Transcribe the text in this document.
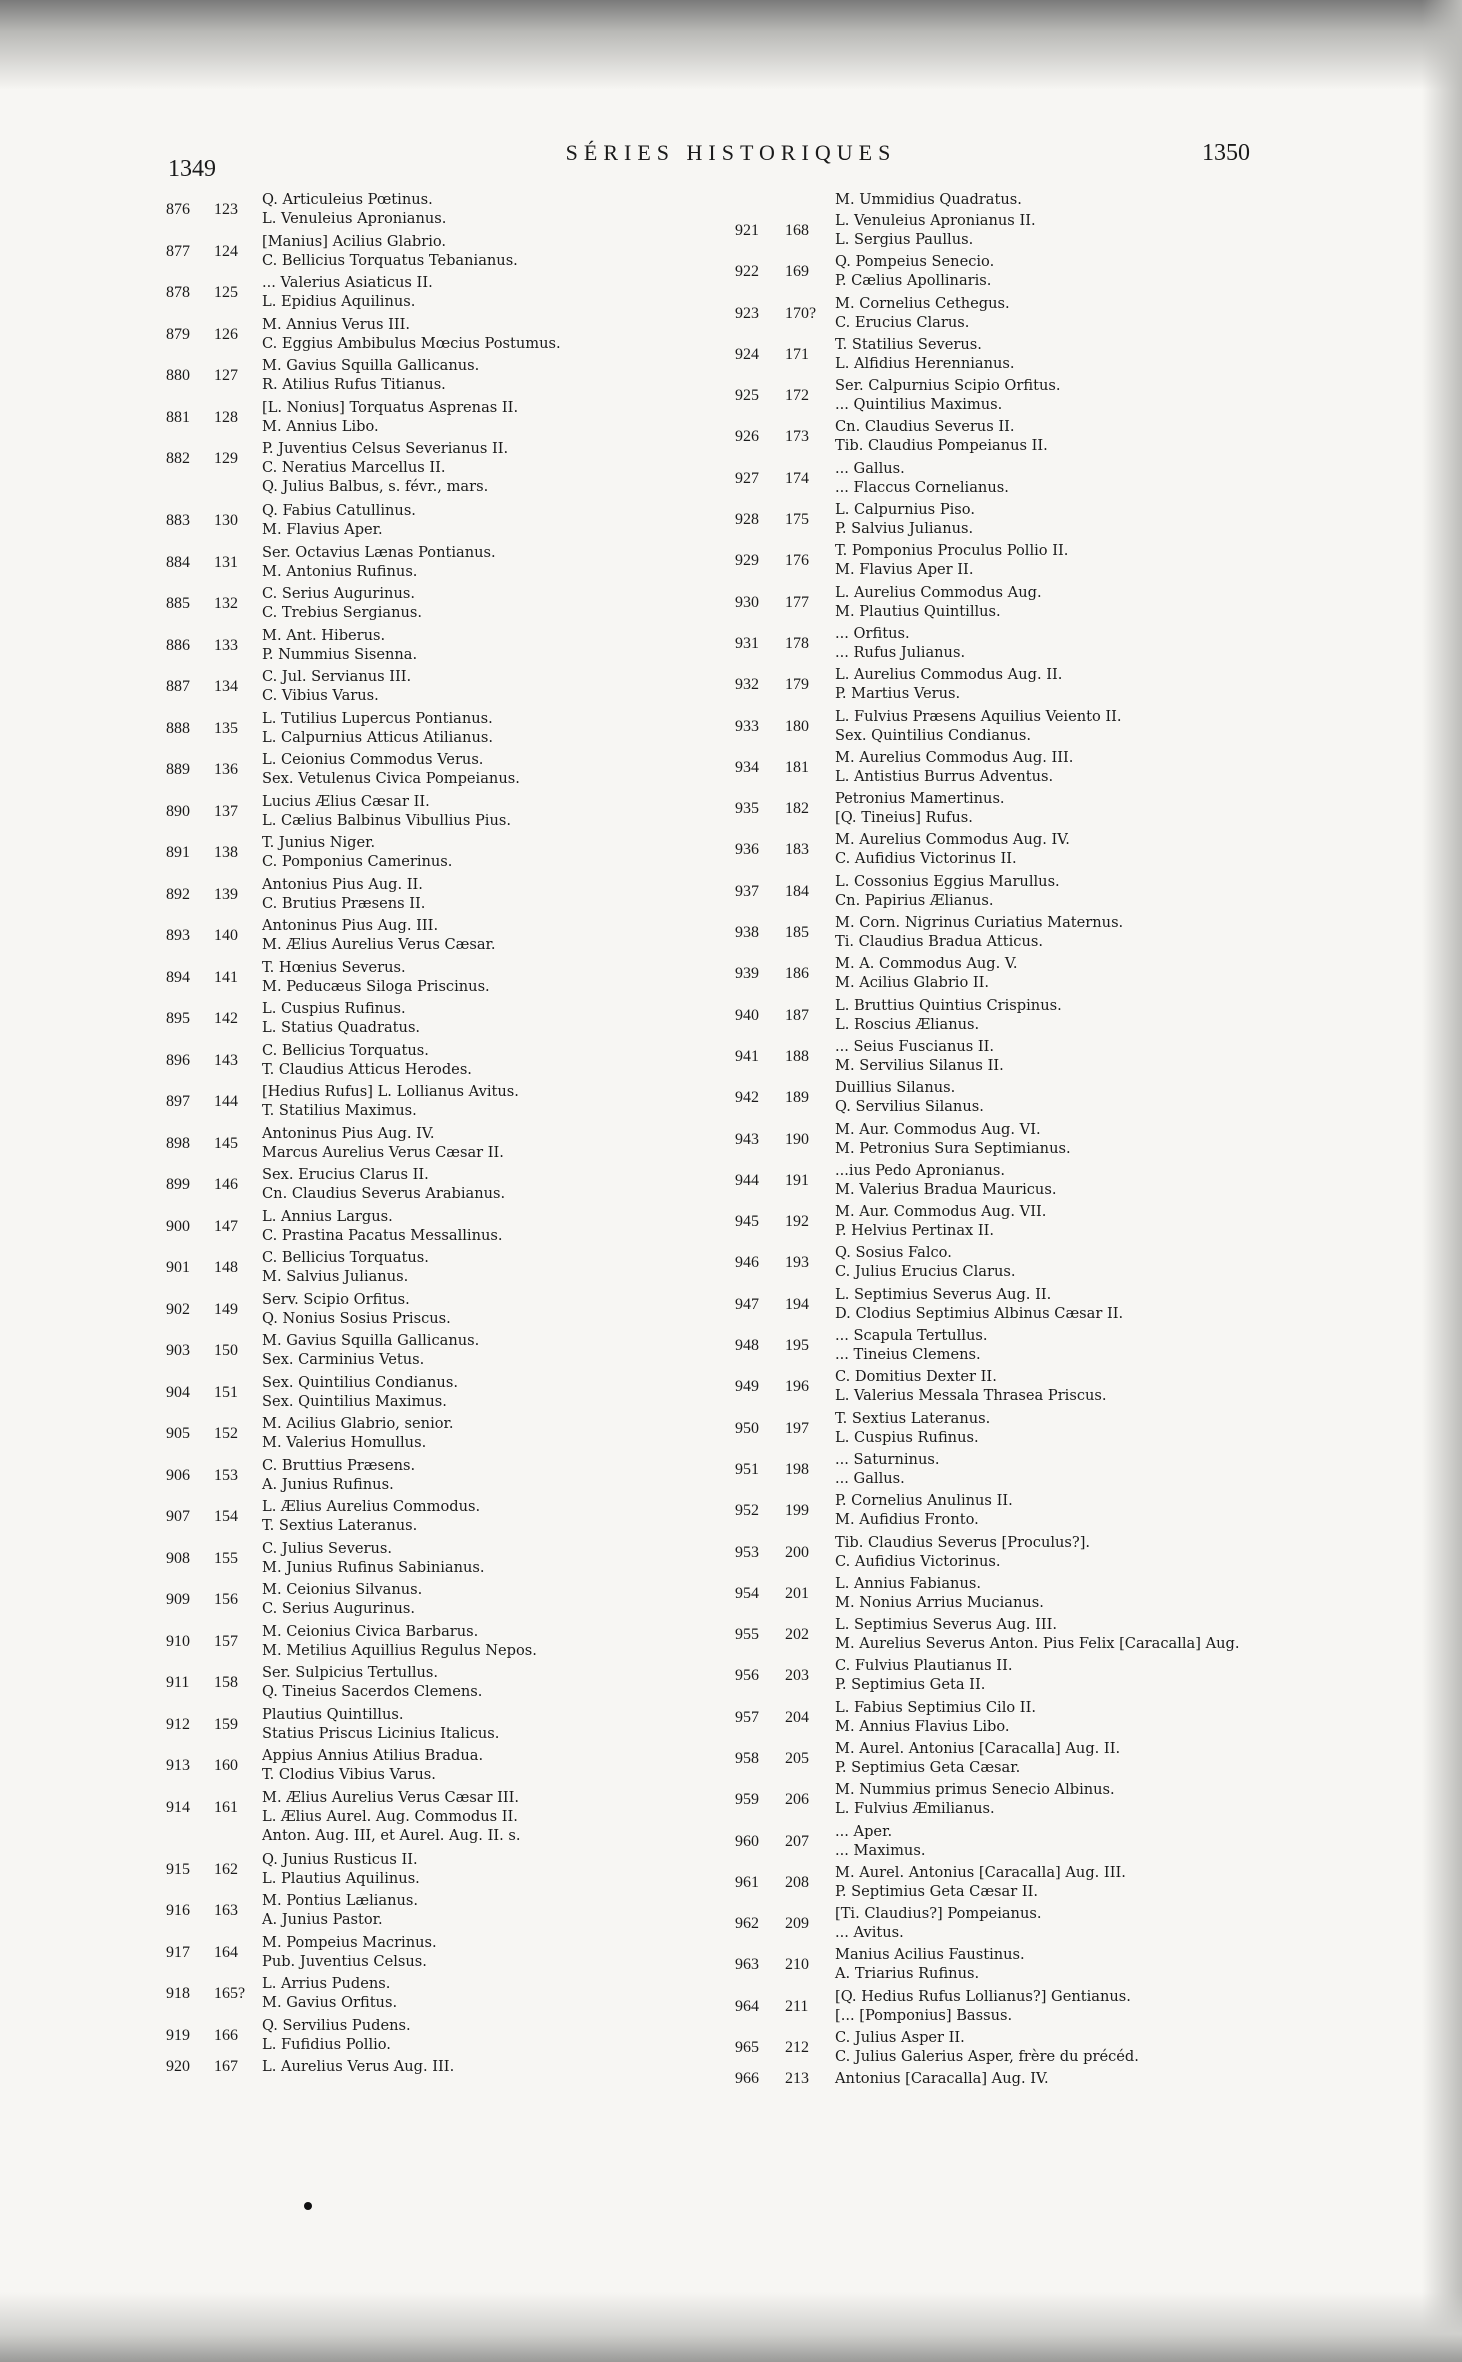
1349
SÉRIES HISTORIQUES	1350
876	123
Q. Articuleius Pœtinus.
L. Venuleius Apronianus.
877	124
[Manius] Acilius Glabrio.
C. Bellicius Torquatus Tebanianus.
878	125
... Valerius Asiaticus II.
L. Epidius Aquilinus.
879	126
M. Annius Verus III.
C. Eggius Ambibulus Mœcius Postumus.
880	127
M. Gavius Squilla Gallicanus.
R. Atilius Rufus Titianus.
881	128
[L. Nonius] Torquatus Asprenas II.
M. Annius Libo.
882	129
P. Juventius Celsus Severianus II.
C. Neratius Marcellus II.
Q. Julius Balbus, s. févr., mars.
883	130
Q. Fabius Catullinus.
M. Flavius Aper.
884	131
Ser. Octavius Lænas Pontianus.
M. Antonius Rufinus.
885	132
C. Serius Augurinus.
C. Trebius Sergianus.
886	133
M. Ant. Hiberus.
P. Nummius Sisenna.
887	134
C. Jul. Servianus III.
C. Vibius Varus.
888	135
L. Tutilius Lupercus Pontianus.
L. Calpurnius Atticus Atilianus.
889	136
L. Ceionius Commodus Verus.
Sex. Vetulenus Civica Pompeianus.
890	137
Lucius Ælius Cæsar II.
L. Cælius Balbinus Vibullius Pius.
891	138
T. Junius Niger.
C. Pomponius Camerinus.
892	139
Antonius Pius Aug. II.
C. Brutius Præsens II.
893	140
Antoninus Pius Aug. III.
M. Ælius Aurelius Verus Cæsar.
894	141
T. Hœnius Severus.
M. Peducæus Siloga Priscinus.
895	142
L. Cuspius Rufinus.
L. Statius Quadratus.
896	143
C. Bellicius Torquatus.
T. Claudius Atticus Herodes.
897	144
[Hedius Rufus] L. Lollianus Avitus.
T. Statilius Maximus.
898	145
Antoninus Pius Aug. IV.
Marcus Aurelius Verus Cæsar II.
899	146
Sex. Erucius Clarus II.
Cn. Claudius Severus Arabianus.
900	147
L. Annius Largus.
C. Prastina Pacatus Messallinus.
901	148
C. Bellicius Torquatus.
M. Salvius Julianus.
902	149
Serv. Scipio Orfitus.
Q. Nonius Sosius Priscus.
903	150
M. Gavius Squilla Gallicanus.
Sex. Carminius Vetus.
904	151
Sex. Quintilius Condianus.
Sex. Quintilius Maximus.
905	152
M. Acilius Glabrio, senior.
M. Valerius Homullus.
906	153
C. Bruttius Præsens.
A. Junius Rufinus.
907	154
L. Ælius Aurelius Commodus.
T. Sextius Lateranus.
908	155
C. Julius Severus.
M. Junius Rufinus Sabinianus.
909	156
M. Ceionius Silvanus.
C. Serius Augurinus.
910	157
M. Ceionius Civica Barbarus.
M. Metilius Aquillius Regulus Nepos.
911	158
Ser. Sulpicius Tertullus.
Q. Tineius Sacerdos Clemens.
912	159
Plautius Quintillus.
Statius Priscus Licinius Italicus.
913	160
Appius Annius Atilius Bradua.
T. Clodius Vibius Varus.
914	161
M. Ælius Aurelius Verus Cæsar III.
L. Ælius Aurel. Aug. Commodus II.
Anton. Aug. III, et Aurel. Aug. II. s.
915	162
Q. Junius Rusticus II.
L. Plautius Aquilinus.
916	163
M. Pontius Lælianus.
A. Junius Pastor.
917	164
M. Pompeius Macrinus.
Pub. Juventius Celsus.
918	165?
L. Arrius Pudens.
M. Gavius Orfitus.
919	166
Q. Servilius Pudens.
L. Fufidius Pollio.
920	167	L. Aurelius Verus Aug. III.
M. Ummidius Quadratus.
921	168
L. Venuleius Apronianus II.
L. Sergius Paullus.
922	169
Q. Pompeius Senecio.
P. Cælius Apollinaris.
923	170?
M. Cornelius Cethegus.
C. Erucius Clarus.
924	171
T. Statilius Severus.
L. Alfidius Herennianus.
925	172
Ser. Calpurnius Scipio Orfitus.
... Quintilius Maximus.
926	173
Cn. Claudius Severus II.
Tib. Claudius Pompeianus II.
927	174
... Gallus.
... Flaccus Cornelianus.
928	175
L. Calpurnius Piso.
P. Salvius Julianus.
929	176
T. Pomponius Proculus Pollio II.
M. Flavius Aper II.
930	177
L. Aurelius Commodus Aug.
M. Plautius Quintillus.
931	178
... Orfitus.
... Rufus Julianus.
932	179
L. Aurelius Commodus Aug. II.
P. Martius Verus.
933	180
L. Fulvius Præsens Aquilius Veiento II.
Sex. Quintilius Condianus.
934	181
M. Aurelius Commodus Aug. III.
L. Antistius Burrus Adventus.
935	182
Petronius Mamertinus.
[Q. Tineius] Rufus.
936	183
M. Aurelius Commodus Aug. IV.
C. Aufidius Victorinus II.
937	184
L. Cossonius Eggius Marullus.
Cn. Papirius Ælianus.
938	185
M. Corn. Nigrinus Curiatius Maternus.
Ti. Claudius Bradua Atticus.
939	186
M. A. Commodus Aug. V.
M. Acilius Glabrio II.
940	187
L. Bruttius Quintius Crispinus.
L. Roscius Ælianus.
941	188
... Seius Fuscianus II.
M. Servilius Silanus II.
942	189
Duillius Silanus.
Q. Servilius Silanus.
943	190
M. Aur. Commodus Aug. VI.
M. Petronius Sura Septimianus.
944	191
...ius Pedo Apronianus.
M. Valerius Bradua Mauricus.
945	192
M. Aur. Commodus Aug. VII.
P. Helvius Pertinax II.
946	193
Q. Sosius Falco.
C. Julius Erucius Clarus.
947	194
L. Septimius Severus Aug. II.
D. Clodius Septimius Albinus Cæsar II.
948	195
... Scapula Tertullus.
... Tineius Clemens.
949	196
C. Domitius Dexter II.
L. Valerius Messala Thrasea Priscus.
950	197
T. Sextius Lateranus.
L. Cuspius Rufinus.
951	198
... Saturninus.
... Gallus.
952	199
P. Cornelius Anulinus II.
M. Aufidius Fronto.
953	200
Tib. Claudius Severus [Proculus?].
C. Aufidius Victorinus.
954	201
L. Annius Fabianus.
M. Nonius Arrius Mucianus.
955	202
L. Septimius Severus Aug. III.
M. Aurelius Severus Anton. Pius Felix [Caracalla] Aug.
956	203
C. Fulvius Plautianus II.
P. Septimius Geta II.
957	204
L. Fabius Septimius Cilo II.
M. Annius Flavius Libo.
958	205
M. Aurel. Antonius [Caracalla] Aug. II.
P. Septimius Geta Cæsar.
959	206
M. Nummius primus Senecio Albinus.
L. Fulvius Æmilianus.
960	207
... Aper.
... Maximus.
961	208
M. Aurel. Antonius [Caracalla] Aug. III.
P. Septimius Geta Cæsar II.
962	209
[Ti. Claudius?] Pompeianus.
... Avitus.
963	210
Manius Acilius Faustinus.
A. Triarius Rufinus.
964	211
[Q. Hedius Rufus Lollianus?] Gentianus.
[... [Pomponius] Bassus.
965	212
C. Julius Asper II.
C. Julius Galerius Asper, frère du précéd.
966	213	Antonius [Caracalla] Aug. IV.
